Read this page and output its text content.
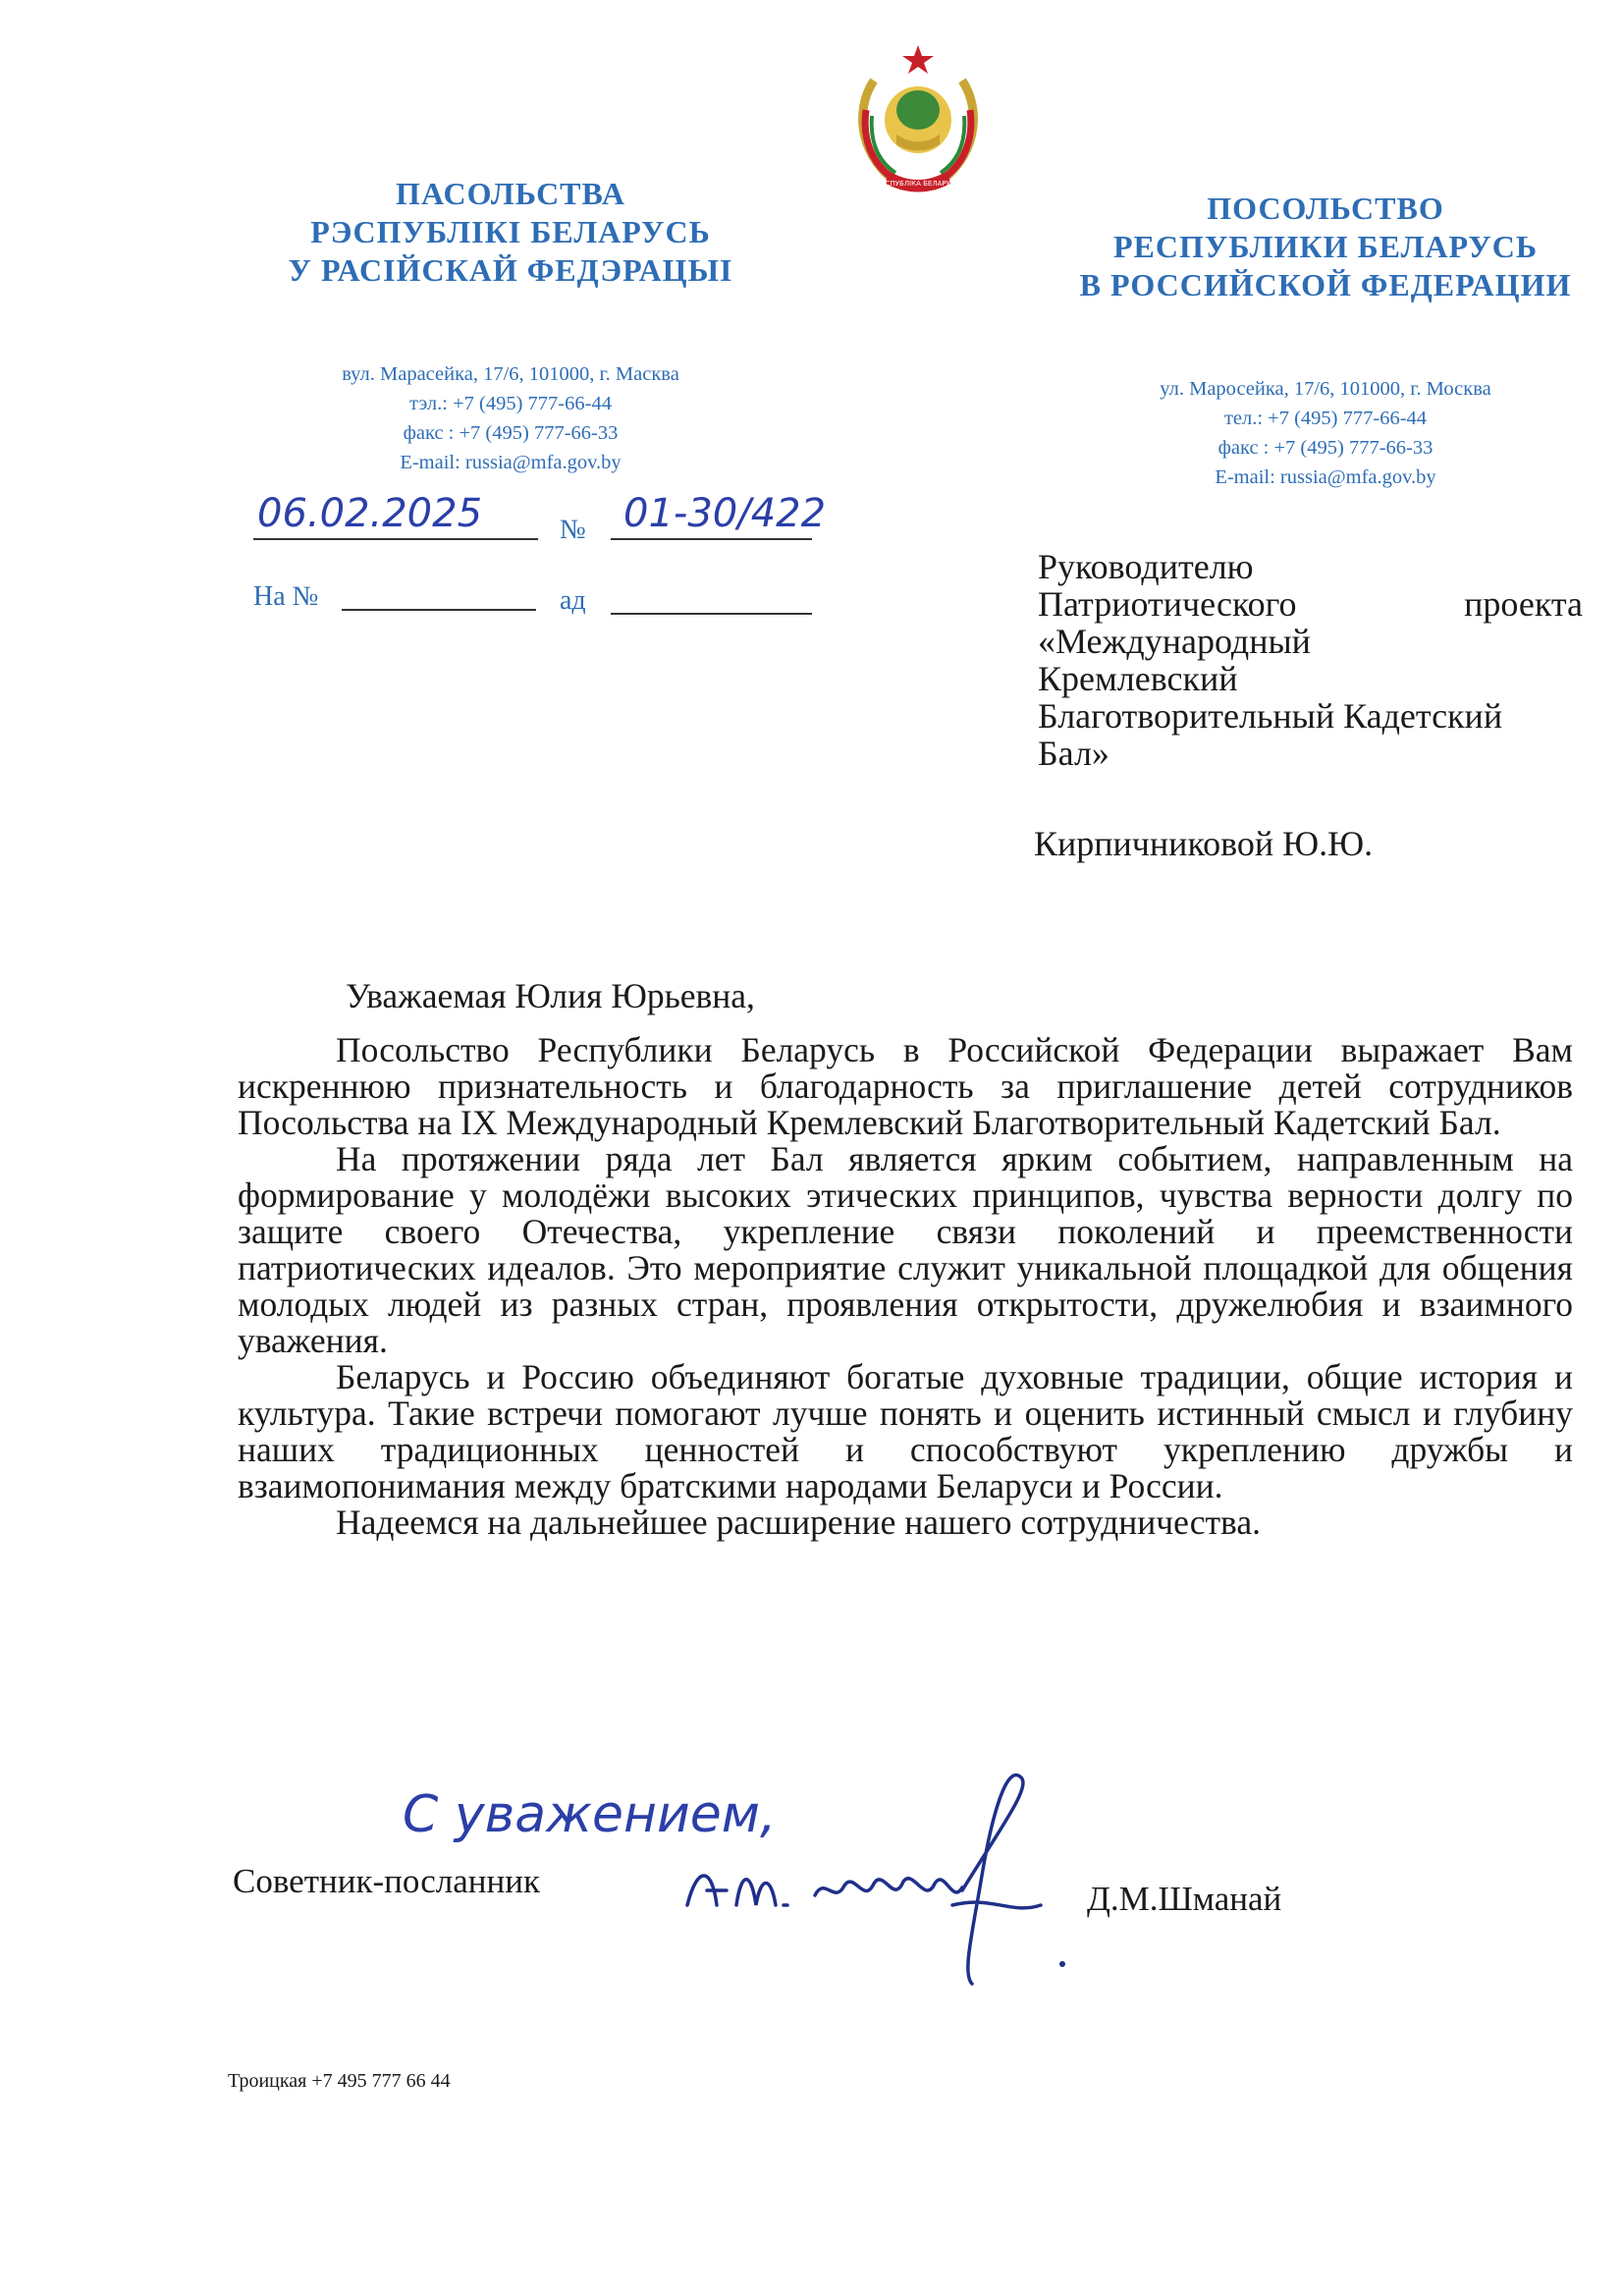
РЭСПУБЛІКА БЕЛАРУСЬ
ПАСОЛЬСТВА
РЭСПУБЛІКІ БЕЛАРУСЬ
У РАСІЙСКАЙ ФЕДЭРАЦЫІ
вул. Марасейка, 17/6, 101000, г. Масква
тэл.: +7 (495) 777-66-44
факс : +7 (495) 777-66-33
E-mail: russia@mfa.gov.by
ПОСОЛЬСТВО
РЕСПУБЛИКИ БЕЛАРУСЬ
В РОССИЙСКОЙ ФЕДЕРАЦИИ
ул. Маросейка, 17/6, 101000, г. Москва
тел.: +7 (495) 777-66-44
факс : +7 (495) 777-66-33
E-mail: russia@mfa.gov.by
06.02.2025	№ 01-30/422
На №	ад
Руководителю
Патриотического	проекта
«Международный
Кремлевский
Благотворительный Кадетский
Бал»
Кирпичниковой Ю.Ю.

Уважаемая Юлия Юрьевна,

Посольство Республики Беларусь в Российской Федерации выражает Вам искреннюю признательность и благодарность за приглашение детей сотрудников Посольства на IX Международный Кремлевский Благотворительный Кадетский Бал.

На протяжении ряда лет Бал является ярким событием, направленным на формирование у молодёжи высоких этических принципов, чувства верности долгу по защите своего Отечества, укрепление связи поколений и преемственности патриотических идеалов. Это мероприятие служит уникальной площадкой для общения молодых людей из разных стран, проявления открытости, дружелюбия и взаимного уважения.

Беларусь и Россию объединяют богатые духовные традиции, общие история и культура. Такие встречи помогают лучше понять и оценить истинный смысл и глубину наших традиционных ценностей и способствуют укреплению дружбы и взаимопонимания между братскими народами Беларуси и России.

Надеемся на дальнейшее расширение нашего сотрудничества.

С уважением,
Советник-посланник	Д.М.Шманай
Троицкая +7 495 777 66 44
